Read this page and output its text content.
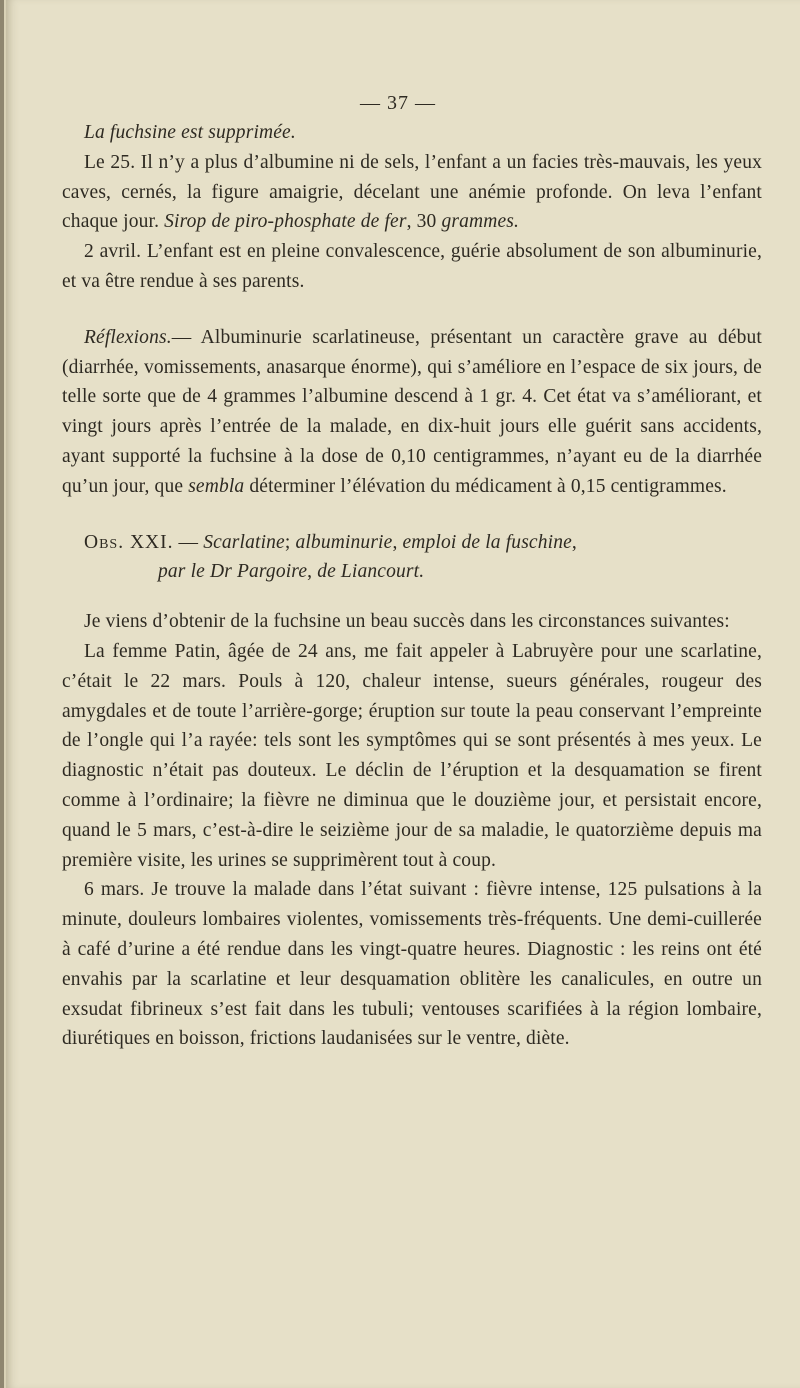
— 37 —

La fuchsine est supprimée.

Le 25. Il n’y a plus d’albumine ni de sels, l’enfant a un facies très-mauvais, les yeux caves, cernés, la figure amaigrie, décelant une anémie profonde. On leva l’enfant chaque jour. Sirop de piro-phosphate de fer, 30 grammes.

2 avril. L’enfant est en pleine convalescence, guérie absolument de son albuminurie, et va être rendue à ses parents.

Réflexions.— Albuminurie scarlatineuse, présentant un caractère grave au début (diarrhée, vomissements, anasarque énorme), qui s’améliore en l’espace de six jours, de telle sorte que de 4 grammes l’albumine descend à 1 gr. 4. Cet état va s’améliorant, et vingt jours après l’entrée de la malade, en dix-huit jours elle guérit sans accidents, ayant supporté la fuchsine à la dose de 0,10 centigrammes, n’ayant eu de la diarrhée qu’un jour, que sembla déterminer l’élévation du médicament à 0,15 centigrammes.

Obs. XXI. — Scarlatine; albuminurie, emploi de la fuschine,
par le Dr Pargoire, de Liancourt.

Je viens d’obtenir de la fuchsine un beau succès dans les circonstances suivantes:

La femme Patin, âgée de 24 ans, me fait appeler à Labruyère pour une scarlatine, c’était le 22 mars. Pouls à 120, chaleur intense, sueurs générales, rougeur des amygdales et de toute l’arrière-gorge; éruption sur toute la peau conservant l’empreinte de l’ongle qui l’a rayée: tels sont les symptômes qui se sont présentés à mes yeux. Le diagnostic n’était pas douteux. Le déclin de l’éruption et la desquamation se firent comme à l’ordinaire; la fièvre ne diminua que le douzième jour, et persistait encore, quand le 5 mars, c’est-à-dire le seizième jour de sa maladie, le quatorzième depuis ma première visite, les urines se supprimèrent tout à coup.

6 mars. Je trouve la malade dans l’état suivant : fièvre intense, 125 pulsations à la minute, douleurs lombaires violentes, vomissements très-fréquents. Une demi-cuillerée à café d’urine a été rendue dans les vingt-quatre heures. Diagnostic : les reins ont été envahis par la scarlatine et leur desquamation oblitère les canalicules, en outre un exsudat fibrineux s’est fait dans les tubuli; ventouses scarifiées à la région lombaire, diurétiques en boisson, frictions laudanisées sur le ventre, diète.
